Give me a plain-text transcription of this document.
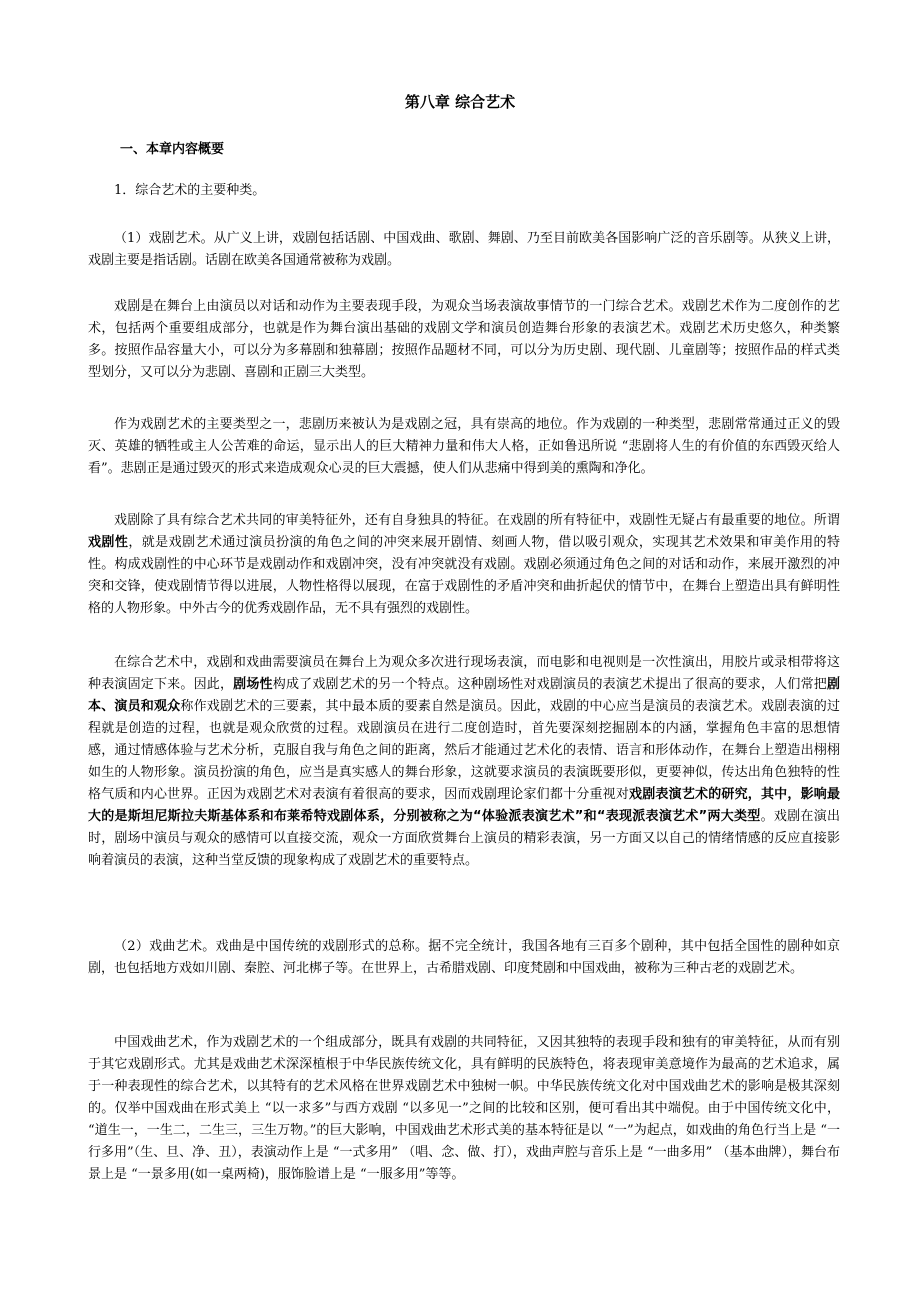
第八章 综合艺术
一、本章内容概要

1．综合艺术的主要种类。

（1）戏剧艺术。从广义上讲，戏剧包括话剧、中国戏曲、歌剧、舞剧、乃至目前欧美各国影响广泛的音乐剧等。从狭义上讲，戏剧主要是指话剧。话剧在欧美各国通常被称为戏剧。

戏剧是在舞台上由演员以对话和动作为主要表现手段，为观众当场表演故事情节的一门综合艺术。戏剧艺术作为二度创作的艺术，包括两个重要组成部分，也就是作为舞台演出基础的戏剧文学和演员创造舞台形象的表演艺术。戏剧艺术历史悠久，种类繁多。按照作品容量大小，可以分为多幕剧和独幕剧；按照作品题材不同，可以分为历史剧、现代剧、儿童剧等；按照作品的样式类型划分，又可以分为悲剧、喜剧和正剧三大类型。

作为戏剧艺术的主要类型之一，悲剧历来被认为是戏剧之冠，具有崇高的地位。作为戏剧的一种类型，悲剧常常通过正义的毁灭、英雄的牺牲或主人公苦难的命运，显示出人的巨大精神力量和伟大人格，正如鲁迅所说 “悲剧将人生的有价值的东西毁灭给人看”。悲剧正是通过毁灭的形式来造成观众心灵的巨大震撼，使人们从悲痛中得到美的熏陶和净化。

戏剧除了具有综合艺术共同的审美特征外，还有自身独具的特征。在戏剧的所有特征中，戏剧性无疑占有最重要的地位。所谓戏剧性，就是戏剧艺术通过演员扮演的角色之间的冲突来展开剧情、刻画人物，借以吸引观众，实现其艺术效果和审美作用的特性。构成戏剧性的中心环节是戏剧动作和戏剧冲突，没有冲突就没有戏剧。戏剧必须通过角色之间的对话和动作，来展开激烈的冲突和交锋，使戏剧情节得以进展，人物性格得以展现，在富于戏剧性的矛盾冲突和曲折起伏的情节中，在舞台上塑造出具有鲜明性格的人物形象。中外古今的优秀戏剧作品，无不具有强烈的戏剧性。

在综合艺术中，戏剧和戏曲需要演员在舞台上为观众多次进行现场表演，而电影和电视则是一次性演出，用胶片或录相带将这种表演固定下来。因此，剧场性构成了戏剧艺术的另一个特点。这种剧场性对戏剧演员的表演艺术提出了很高的要求，人们常把剧本、演员和观众称作戏剧艺术的三要素，其中最本质的要素自然是演员。因此，戏剧的中心应当是演员的表演艺术。戏剧表演的过程就是创造的过程，也就是观众欣赏的过程。戏剧演员在进行二度创造时，首先要深刻挖掘剧本的内涵，掌握角色丰富的思想情感，通过情感体验与艺术分析，克服自我与角色之间的距离，然后才能通过艺术化的表情、语言和形体动作，在舞台上塑造出栩栩如生的人物形象。演员扮演的角色，应当是真实感人的舞台形象，这就要求演员的表演既要形似，更要神似，传达出角色独特的性格气质和内心世界。正因为戏剧艺术对表演有着很高的要求，因而戏剧理论家们都十分重视对戏剧表演艺术的研究，其中，影响最大的是斯坦尼斯拉夫斯基体系和布莱希特戏剧体系，分别被称之为“体验派表演艺术”和“表现派表演艺术”两大类型。戏剧在演出时，剧场中演员与观众的感情可以直接交流，观众一方面欣赏舞台上演员的精彩表演，另一方面又以自己的情绪情感的反应直接影响着演员的表演，这种当堂反馈的现象构成了戏剧艺术的重要特点。

（2）戏曲艺术。戏曲是中国传统的戏剧形式的总称。据不完全统计，我国各地有三百多个剧种，其中包括全国性的剧种如京剧，也包括地方戏如川剧、秦腔、河北梆子等。在世界上，古希腊戏剧、印度梵剧和中国戏曲，被称为三种古老的戏剧艺术。

中国戏曲艺术，作为戏剧艺术的一个组成部分，既具有戏剧的共同特征，又因其独特的表现手段和独有的审美特征，从而有别于其它戏剧形式。尤其是戏曲艺术深深植根于中华民族传统文化，具有鲜明的民族特色，将表现审美意境作为最高的艺术追求，属于一种表现性的综合艺术，以其特有的艺术风格在世界戏剧艺术中独树一帜。中华民族传统文化对中国戏曲艺术的影响是极其深刻的。仅举中国戏曲在形式美上 “以一求多”与西方戏剧 “以多见一”之间的比较和区别，便可看出其中端倪。由于中国传统文化中， “道生一，一生二，二生三，三生万物。”的巨大影响，中国戏曲艺术形式美的基本特征是以 “一”为起点，如戏曲的角色行当上是 “一行多用”（生、旦、净、丑），表演动作上是 “一式多用” （唱、念、做、打），戏曲声腔与音乐上是 “一曲多用” （基本曲牌），舞台布景上是 “一景多用(如一桌两椅)，服饰脸谱上是 “一服多用”等等。
